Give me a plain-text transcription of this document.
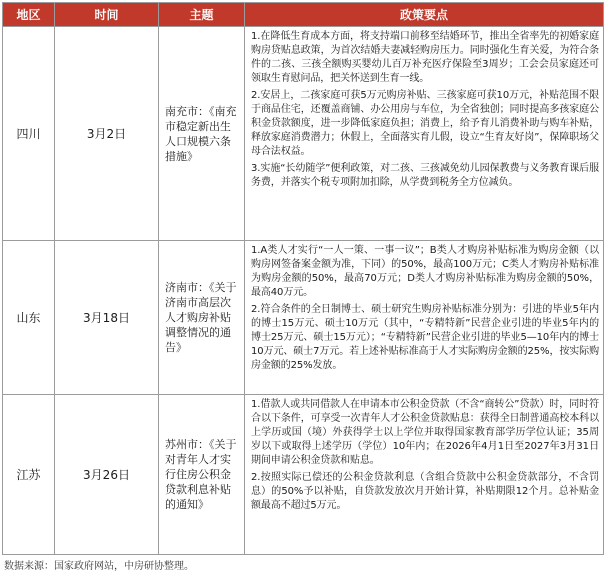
地区	时间	主题	政策要点
四川	3月2日	南充市：《南充市稳定新出生人口规模六条措施》	1.在降低生育成本方面，将支持端口前移至结婚环节，推出全省率先的初婚家庭购房贷贴息政策，为首次结婚夫妻减轻购房压力。同时强化生育关爱，为符合条件的二孩、三孩全额购买婴幼儿百万补充医疗保险至3周岁；工会会员家庭还可领取生育慰问品，把关怀送到生育一线。

2.安居上，二孩家庭可获5万元购房补贴、三孩家庭可获10万元，补贴范围不限于商品住宅，还覆盖商铺、办公用房与车位，为全省独创；同时提高多孩家庭公积金贷款额度，进一步降低家庭负担；消费上，给予育儿消费补助与购车补贴，释放家庭消费潜力；休假上，全面落实育儿假，设立“生育友好岗”，保障职场父母合法权益。

3.实施“长幼随学”便利政策，对二孩、三孩减免幼儿园保教费与义务教育课后服务费，并落实个税专项附加扣除，从学费到税务全方位减负。

山东	3月18日	济南市：《关于济南市高层次人才购房补贴调整情况的通告》	1.A类人才实行“一人一策、一事一议”；B类人才购房补贴标准为购房金额（以购房网签备案金额为准，下同）的50%，最高100万元；C类人才购房补贴标准为购房金额的50%，最高70万元；D类人才购房补贴标准为购房金额的50%，最高40万元。

2.符合条件的全日制博士、硕士研究生购房补贴标准分别为：引进的毕业5年内的博士15万元、硕士10万元（其中，“专精特新”民营企业引进的毕业5年内的博士25万元、硕士15万元）；“专精特新”民营企业引进的毕业5—10年内的博士10万元、硕士7万元。若上述补贴标准高于人才实际购房金额的25%，按实际购房金额的25%发放。

江苏	3月26日	苏州市：《关于对青年人才实行住房公积金贷款利息补贴的通知》	1.借款人或共同借款人在申请本市公积金贷款（不含“商转公”贷款）时，同时符合以下条件，可享受一次青年人才公积金贷款贴息：获得全日制普通高校本科以上学历或国（境）外获得学士以上学位并取得国家教育部学历学位认证；35周岁以下或取得上述学历（学位）10年内；在2026年4月1日至2027年3月31日期间申请公积金贷款和贴息。

2.按照实际已偿还的公积金贷款利息（含组合贷款中公积金贷款部分，不含罚息）的50%予以补贴，自贷款发放次月开始计算，补贴期限12个月。总补贴金额最高不超过5万元。

数据来源：国家政府网站，中房研协整理。
